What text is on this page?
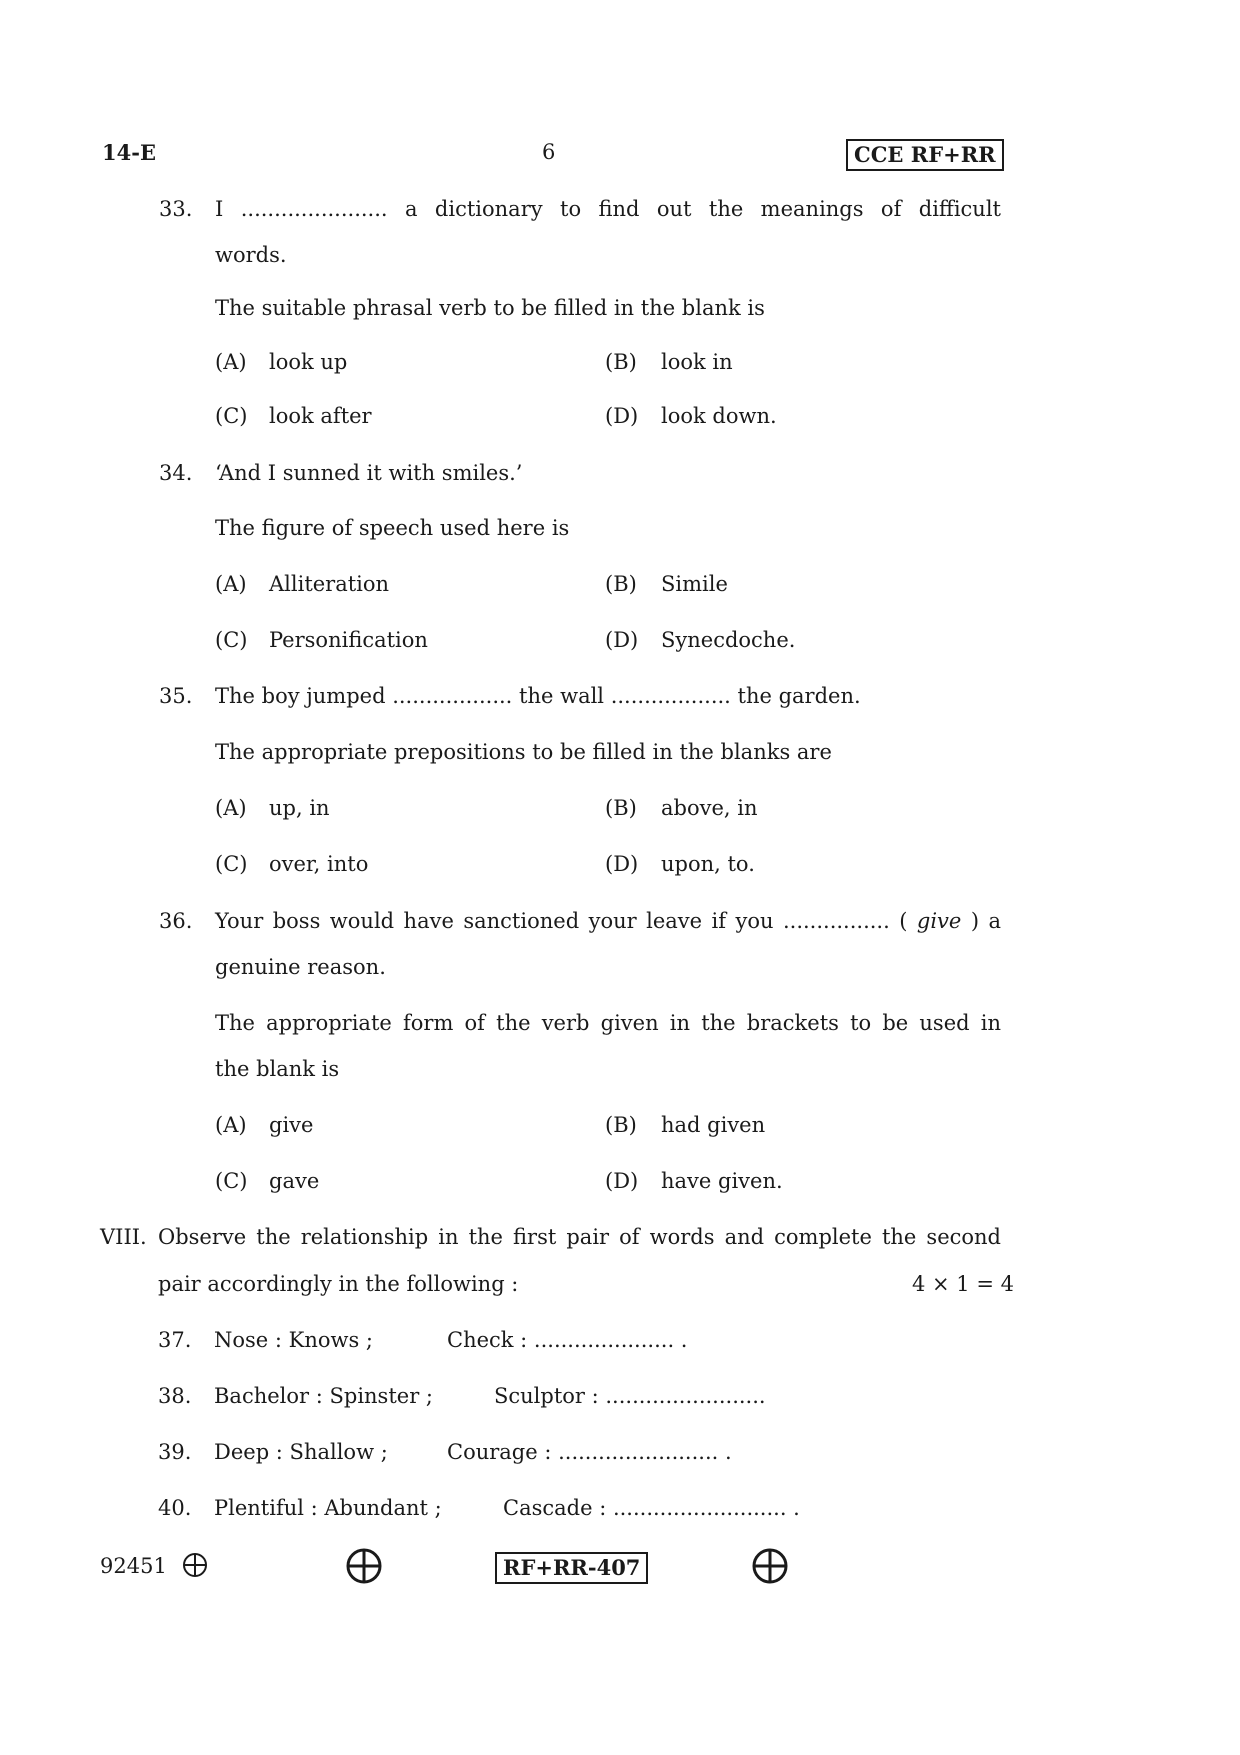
14-E	6	CCE RF+RR
33. I ...................... a dictionary to find out the meanings of difficult
words.
The suitable phrasal verb to be filled in the blank is
(A) look up	(B) look in
(C) look after	(D) look down.
34. ‘And I sunned it with smiles.’
The figure of speech used here is
(A) Alliteration	(B) Simile
(C) Personification	(D) Synecdoche.
35. The boy jumped .................. the wall .................. the garden.
The appropriate prepositions to be filled in the blanks are
(A) up, in	(B) above, in
(C) over, into	(D) upon, to.
36. Your boss would have sanctioned your leave if you ................ ( give ) a
genuine reason.
The appropriate form of the verb given in the brackets to be used in
the blank is
(A) give	(B) had given
(C) gave	(D) have given.
VIII. Observe the relationship in the first pair of words and complete the second
pair accordingly in the following :	4 × 1 = 4
37. Nose : Knows ;	Check : ..................... .
38. Bachelor : Spinster ;	Sculptor : ........................
39. Deep : Shallow ;	Courage : ........................ .
40. Plentiful : Abundant ;	Cascade : .......................... .
92451	RF+RR-407
